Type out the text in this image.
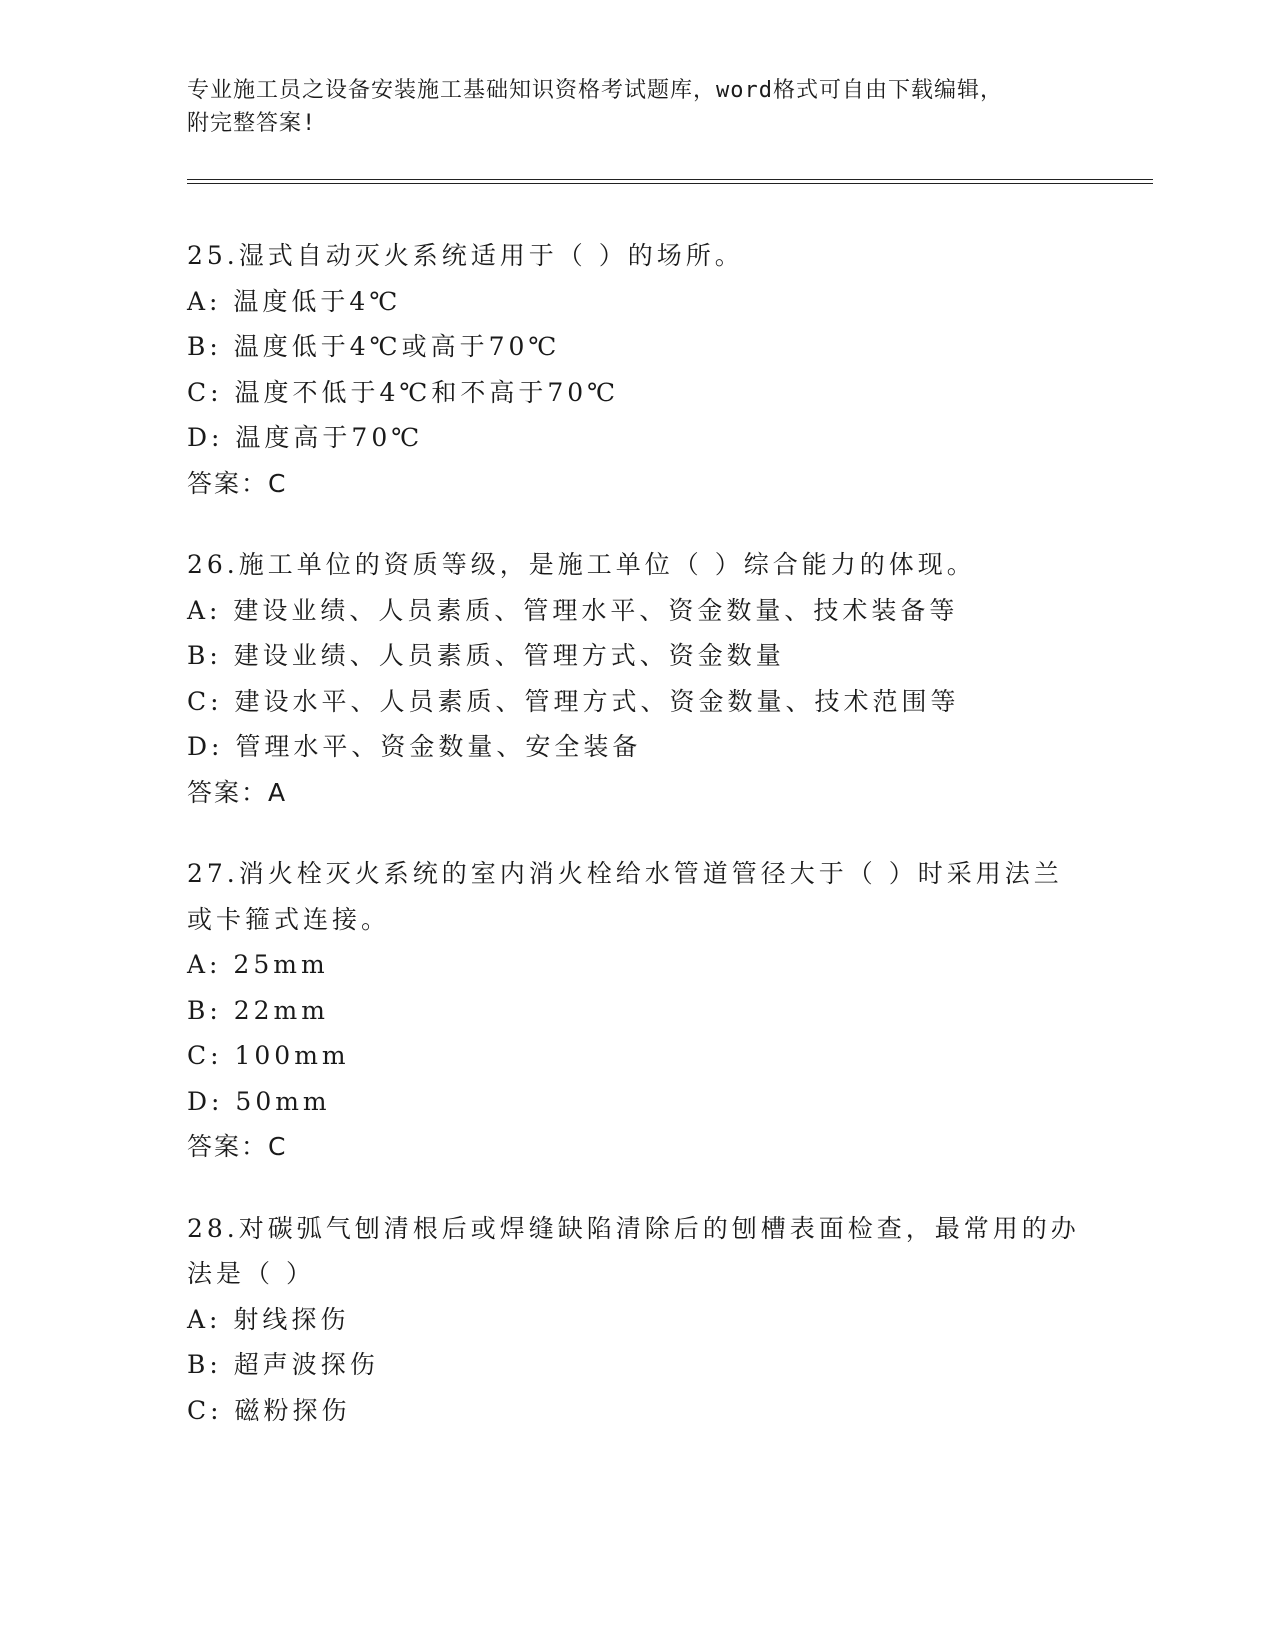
专业施工员之设备安装施工基础知识资格考试题库，word格式可自由下载编辑，
附完整答案!
25.湿式自动灭火系统适用于（ ）的场所。
A: 温度低于4℃
B: 温度低于4℃或高于70℃
C: 温度不低于4℃和不高于70℃
D: 温度高于70℃
答案：C
26.施工单位的资质等级，是施工单位（ ）综合能力的体现。
A: 建设业绩、人员素质、管理水平、资金数量、技术装备等
B: 建设业绩、人员素质、管理方式、资金数量
C: 建设水平、人员素质、管理方式、资金数量、技术范围等
D: 管理水平、资金数量、安全装备
答案：A
27.消火栓灭火系统的室内消火栓给水管道管径大于（ ）时采用法兰
或卡箍式连接。
A: 25mm
B: 22mm
C: 100mm
D: 50mm
答案：C
28.对碳弧气刨清根后或焊缝缺陷清除后的刨槽表面检查，最常用的办
法是（ ）
A: 射线探伤
B: 超声波探伤
C: 磁粉探伤
